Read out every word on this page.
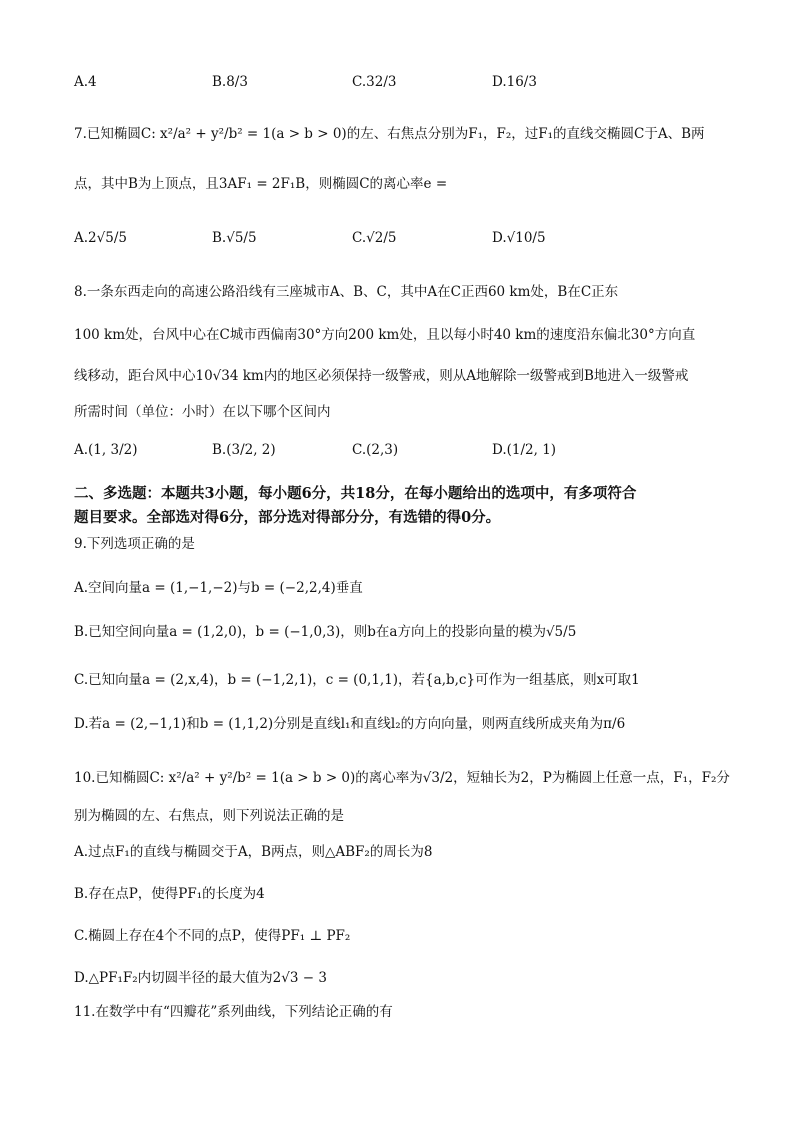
A.4	B.8/3	C.32/3	D.16/3
7.已知椭圆C: x²/a² + y²/b² = 1(a > b > 0)的左、右焦点分别为F₁，F₂，过F₁的直线交椭圆C于A、B两
点，其中B为上顶点，且3AF₁ = 2F₁B，则椭圆C的离心率e =
A.2√5/5	B.√5/5	C.√2/5	D.√10/5
8.一条东西走向的高速公路沿线有三座城市A、B、C，其中A在C正西60 km处，B在C正东
100 km处，台风中心在C城市西偏南30°方向200 km处，且以每小时40 km的速度沿东偏北30°方向直
线移动，距台风中心10√34 km内的地区必须保持一级警戒，则从A地解除一级警戒到B地进入一级警戒
所需时间（单位：小时）在以下哪个区间内
A.(1, 3/2)	B.(3/2, 2)	C.(2,3)	D.(1/2, 1)
二、多选题：本题共3小题，每小题6分，共18分，在每小题给出的选项中，有多项符合
题目要求。全部选对得6分，部分选对得部分分，有选错的得0分。
9.下列选项正确的是
A.空间向量a = (1,−1,−2)与b = (−2,2,4)垂直
B.已知空间向量a = (1,2,0)，b = (−1,0,3)，则b在a方向上的投影向量的模为√5/5
C.已知向量a = (2,x,4)，b = (−1,2,1)，c = (0,1,1)，若{a,b,c}可作为一组基底，则x可取1
D.若a = (2,−1,1)和b = (1,1,2)分别是直线l₁和直线l₂的方向向量，则两直线所成夹角为π/6
10.已知椭圆C: x²/a² + y²/b² = 1(a > b > 0)的离心率为√3/2，短轴长为2，P为椭圆上任意一点，F₁，F₂分
别为椭圆的左、右焦点，则下列说法正确的是
A.过点F₁的直线与椭圆交于A，B两点，则△ABF₂的周长为8
B.存在点P，使得PF₁的长度为4
C.椭圆上存在4个不同的点P，使得PF₁ ⊥ PF₂
D.△PF₁F₂内切圆半径的最大值为2√3 − 3
11.在数学中有“四瓣花”系列曲线，下列结论正确的有
